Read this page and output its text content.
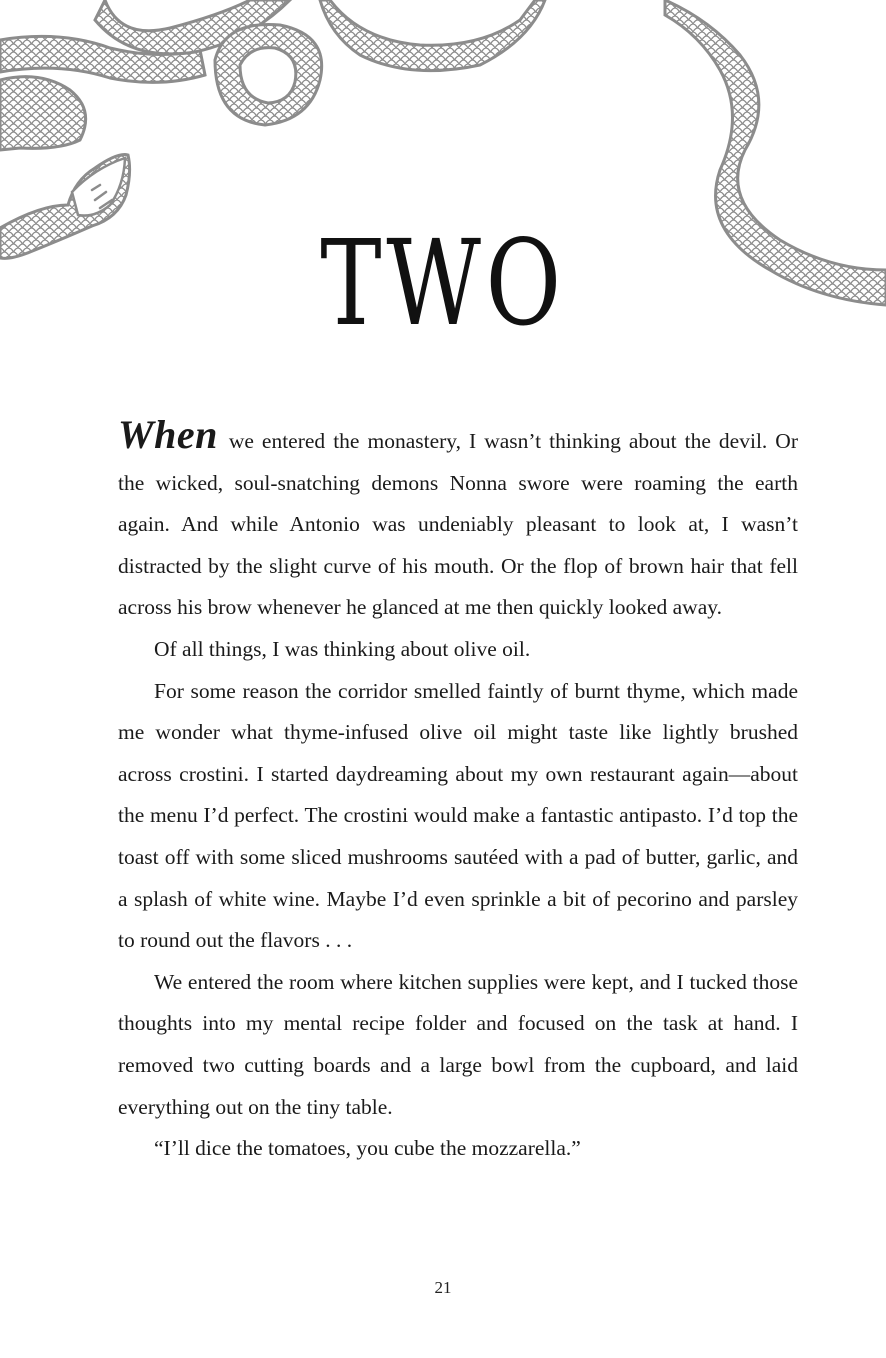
TWO

When we entered the monastery, I wasn’t thinking about the devil. Or the wicked, soul-snatching demons Nonna swore were roaming the earth again. And while Antonio was undeniably pleasant to look at, I wasn’t distracted by the slight curve of his mouth. Or the flop of brown hair that fell across his brow whenever he glanced at me then quickly looked away.

Of all things, I was thinking about olive oil.

For some reason the corridor smelled faintly of burnt thyme, which made me wonder what thyme-infused olive oil might taste like lightly brushed across crostini. I started daydreaming about my own restaurant again—about the menu I’d perfect. The crostini would make a fantastic antipasto. I’d top the toast off with some sliced mushrooms sautéed with a pad of butter, garlic, and a splash of white wine. Maybe I’d even sprinkle a bit of pecorino and parsley to round out the flavors . . .

We entered the room where kitchen supplies were kept, and I tucked those thoughts into my mental recipe folder and focused on the task at hand. I removed two cutting boards and a large bowl from the cupboard, and laid everything out on the tiny table.

“I’ll dice the tomatoes, you cube the mozzarella.”

21
